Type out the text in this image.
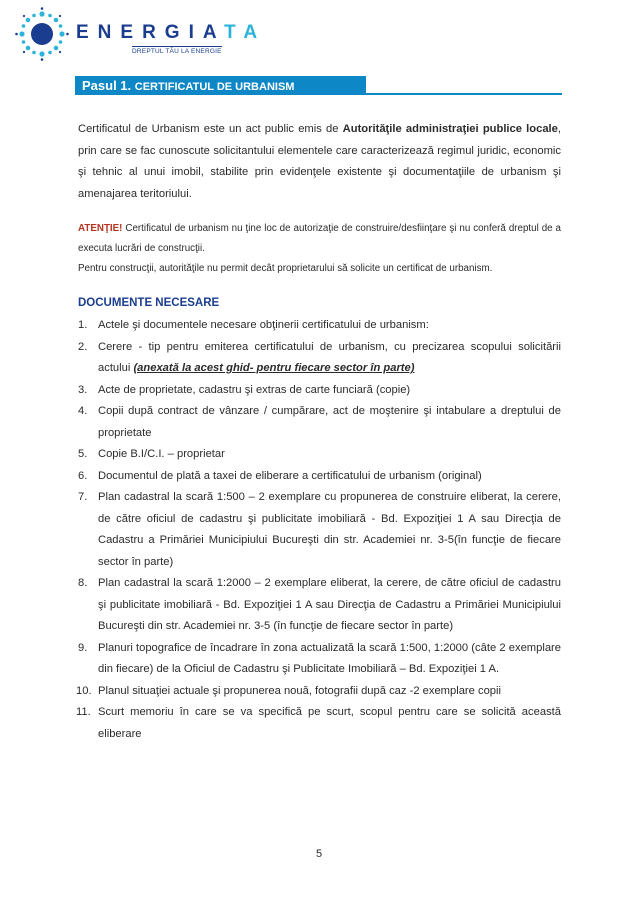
ENERGIATA
DREPTUL TĂU LA ENERGIE
Pasul 1. CERTIFICATUL DE URBANISM

Certificatul de Urbanism este un act public emis de Autorităţile administraţiei publice locale, prin care se fac cunoscute solicitantului elementele care caracterizează regimul juridic, economic şi tehnic al unui imobil, stabilite prin evidenţele existente şi documentaţiile de urbanism şi amenajarea teritoriului.

ATENŢIE! Certificatul de urbanism nu ţine loc de autorizaţie de construire/desfiinţare şi nu conferă dreptul de a executa lucrări de construcţii.
Pentru construcţii, autorităţile nu permit decât proprietarului să solicite un certificat de urbanism.

DOCUMENTE NECESARE
1. Actele şi documentele necesare obţinerii certificatului de urbanism:
2. Cerere - tip pentru emiterea certificatului de urbanism, cu precizarea scopului solicitării actului (anexată la acest ghid- pentru fiecare sector în parte)
3. Acte de proprietate, cadastru şi extras de carte funciară (copie)
4. Copii după contract de vânzare / cumpărare, act de moştenire şi intabulare a dreptului de proprietate
5. Copie B.I/C.I. – proprietar
6. Documentul de plată a taxei de eliberare a certificatului de urbanism (original)
7. Plan cadastral la scară 1:500 – 2 exemplare cu propunerea de construire eliberat, la cerere, de către oficiul de cadastru şi publicitate imobiliară - Bd. Expoziţiei 1 A sau Direcţia de Cadastru a Primăriei Municipiului Bucureşti din str. Academiei nr. 3-5(în funcţie de fiecare sector în parte)
8. Plan cadastral la scară 1:2000 – 2 exemplare eliberat, la cerere, de către oficiul de cadastru şi publicitate imobiliară - Bd. Expoziţiei 1 A sau Direcţia de Cadastru a Primăriei Municipiului Bucureşti din str. Academiei nr. 3-5 (în funcţie de fiecare sector în parte)
9. Planuri topografice de încadrare în zona actualizată la scară 1:500, 1:2000 (câte 2 exemplare din fiecare) de la Oficiul de Cadastru şi Publicitate Imobiliară – Bd. Expoziţiei 1 A.
10. Planul situaţiei actuale şi propunerea nouă, fotografii după caz -2 exemplare copii
11. Scurt memoriu în care se va specifică pe scurt, scopul pentru care se solicită această eliberare
5
